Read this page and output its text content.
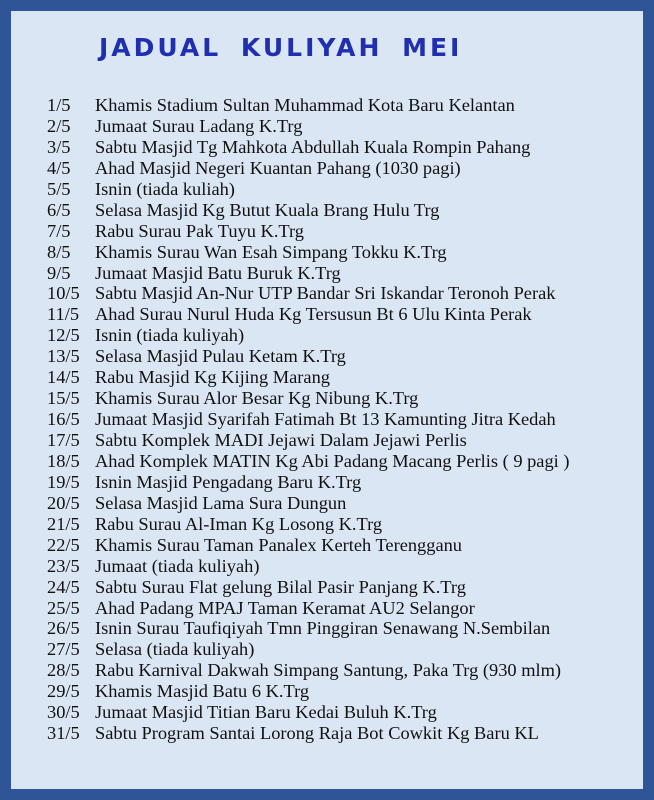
JADUAL KULIYAH MEI
1/5 Khamis Stadium Sultan Muhammad Kota Baru Kelantan
2/5 Jumaat Surau Ladang K.Trg
3/5 Sabtu Masjid Tg Mahkota Abdullah Kuala Rompin Pahang
4/5 Ahad Masjid Negeri Kuantan Pahang (1030 pagi)
5/5 Isnin (tiada kuliah)
6/5 Selasa Masjid Kg Butut Kuala Brang Hulu Trg
7/5 Rabu Surau Pak Tuyu K.Trg
8/5 Khamis Surau Wan Esah Simpang Tokku K.Trg
9/5 Jumaat Masjid Batu Buruk K.Trg
10/5 Sabtu Masjid An-Nur UTP Bandar Sri Iskandar Teronoh Perak
11/5 Ahad Surau Nurul Huda Kg Tersusun Bt 6 Ulu Kinta Perak
12/5 Isnin (tiada kuliyah)
13/5 Selasa Masjid Pulau Ketam K.Trg
14/5 Rabu Masjid Kg Kijing Marang
15/5 Khamis Surau Alor Besar Kg Nibung K.Trg
16/5 Jumaat Masjid Syarifah Fatimah Bt 13 Kamunting Jitra Kedah
17/5 Sabtu Komplek MADI Jejawi Dalam Jejawi Perlis
18/5 Ahad Komplek MATIN Kg Abi Padang Macang Perlis ( 9 pagi )
19/5 Isnin Masjid Pengadang Baru K.Trg
20/5 Selasa Masjid Lama Sura Dungun
21/5 Rabu Surau Al-Iman Kg Losong K.Trg
22/5 Khamis Surau Taman Panalex Kerteh Terengganu
23/5 Jumaat (tiada kuliyah)
24/5 Sabtu Surau Flat gelung Bilal Pasir Panjang K.Trg
25/5 Ahad Padang MPAJ Taman Keramat AU2 Selangor
26/5 Isnin Surau Taufiqiyah Tmn Pinggiran Senawang N.Sembilan
27/5 Selasa (tiada kuliyah)
28/5 Rabu Karnival Dakwah Simpang Santung, Paka Trg (930 mlm)
29/5 Khamis Masjid Batu 6 K.Trg
30/5 Jumaat Masjid Titian Baru Kedai Buluh K.Trg
31/5 Sabtu Program Santai Lorong Raja Bot Cowkit Kg Baru KL
